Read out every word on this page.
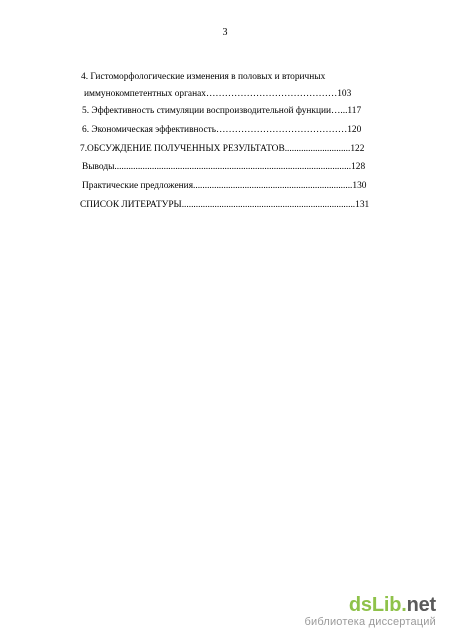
3
4. Гистоморфологические изменения в половых и вторичных
иммунокомпетентных органах……………………………………103
5. Эффективность стимуляции воспроизводительной функции…...117
6. Экономическая эффективность……………………………………120
7.ОБСУЖДЕНИЕ ПОЛУЧЕННЫХ РЕЗУЛЬТАТОВ............................122
Выводы.....................................................................................................128
Практические предложения....................................................................130
СПИСОК ЛИТЕРАТУРЫ..........................................................................131
dsLib.net
библиотека диссертаций
